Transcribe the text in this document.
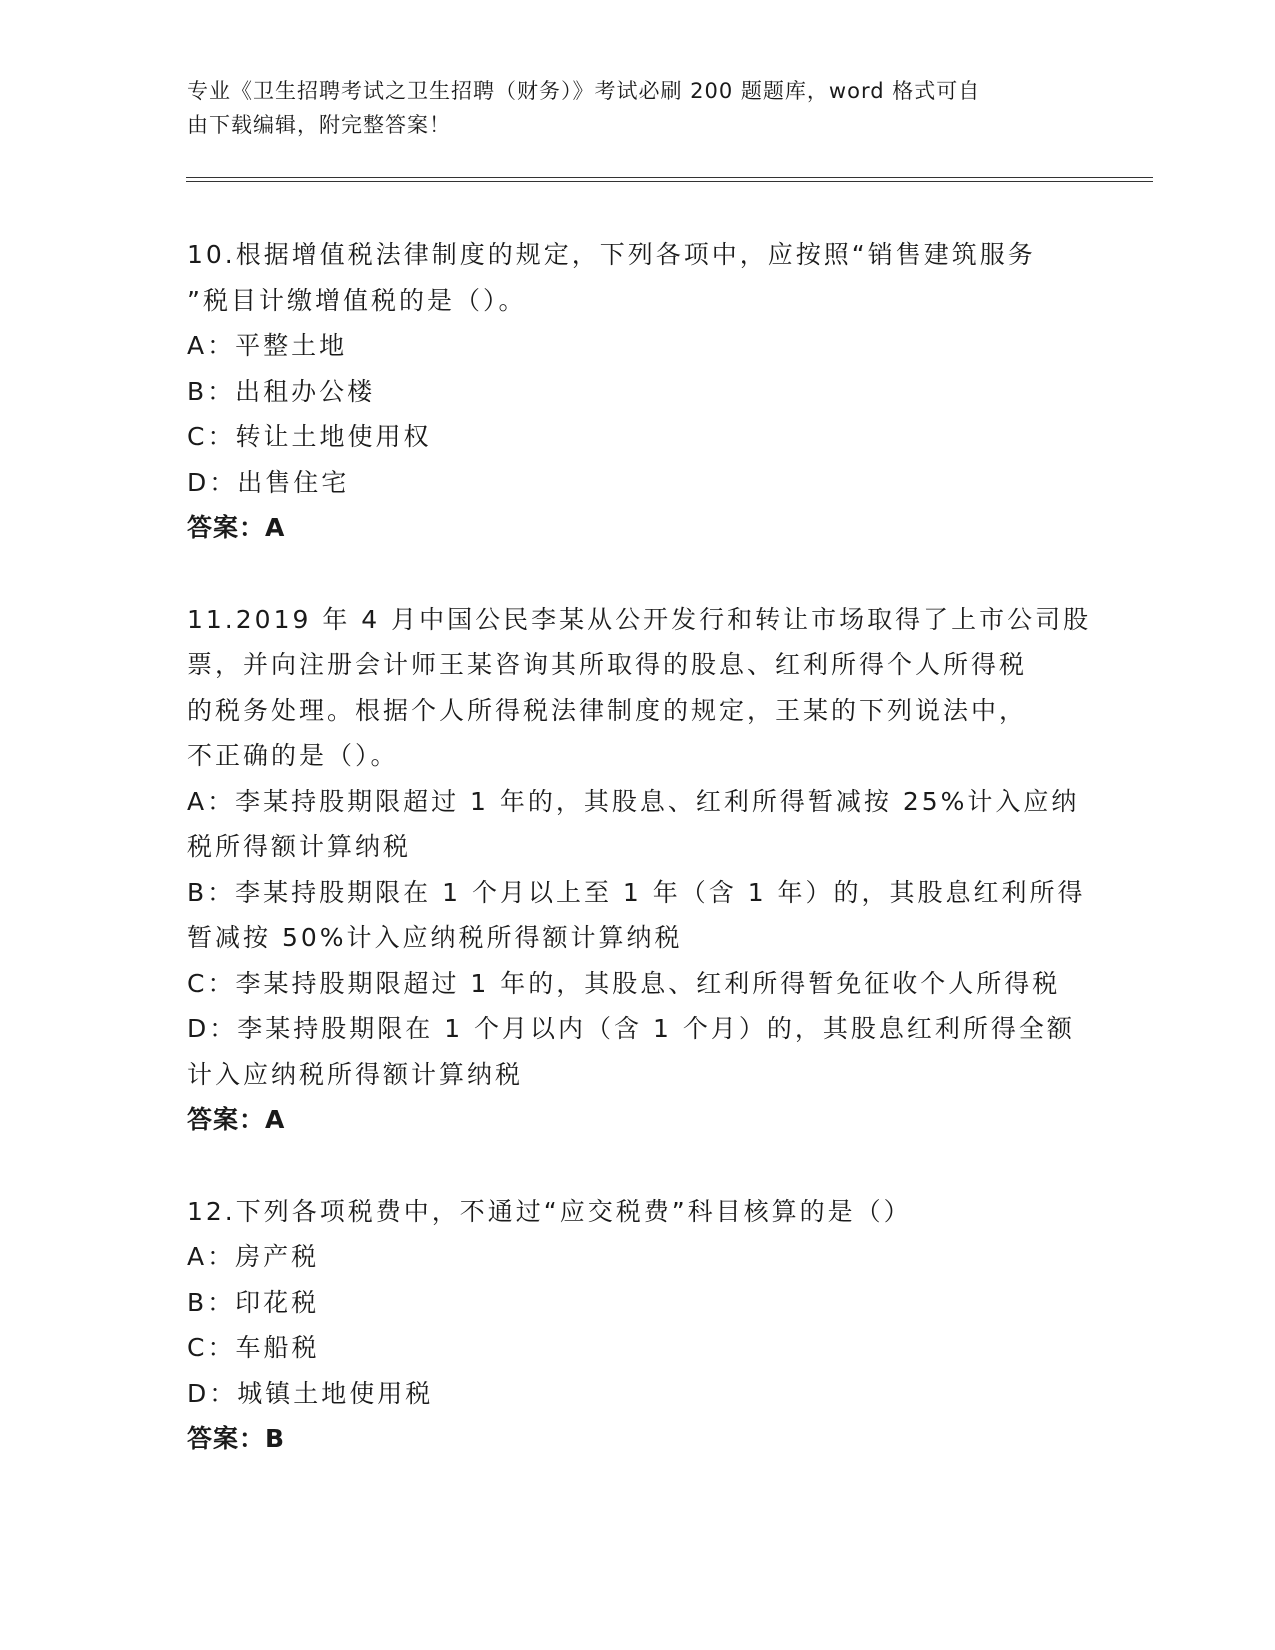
专业《卫生招聘考试之卫生招聘（财务）》考试必刷 200 题题库，word 格式可自
由下载编辑，附完整答案！
10.根据增值税法律制度的规定，下列各项中，应按照“销售建筑服务
”税目计缴增值税的是（）。
A：平整土地
B：出租办公楼
C：转让土地使用权
D：出售住宅
答案：A
11.2019 年 4 月中国公民李某从公开发行和转让市场取得了上市公司股
票，并向注册会计师王某咨询其所取得的股息、红利所得个人所得税
的税务处理。根据个人所得税法律制度的规定，王某的下列说法中，
不正确的是（）。
A：李某持股期限超过 1 年的，其股息、红利所得暂减按 25%计入应纳
税所得额计算纳税
B：李某持股期限在 1 个月以上至 1 年（含 1 年）的，其股息红利所得
暂减按 50%计入应纳税所得额计算纳税
C：李某持股期限超过 1 年的，其股息、红利所得暂免征收个人所得税
D：李某持股期限在 1 个月以内（含 1 个月）的，其股息红利所得全额
计入应纳税所得额计算纳税
答案：A
12.下列各项税费中，不通过“应交税费”科目核算的是（）
A：房产税
B：印花税
C：车船税
D：城镇土地使用税
答案：B
